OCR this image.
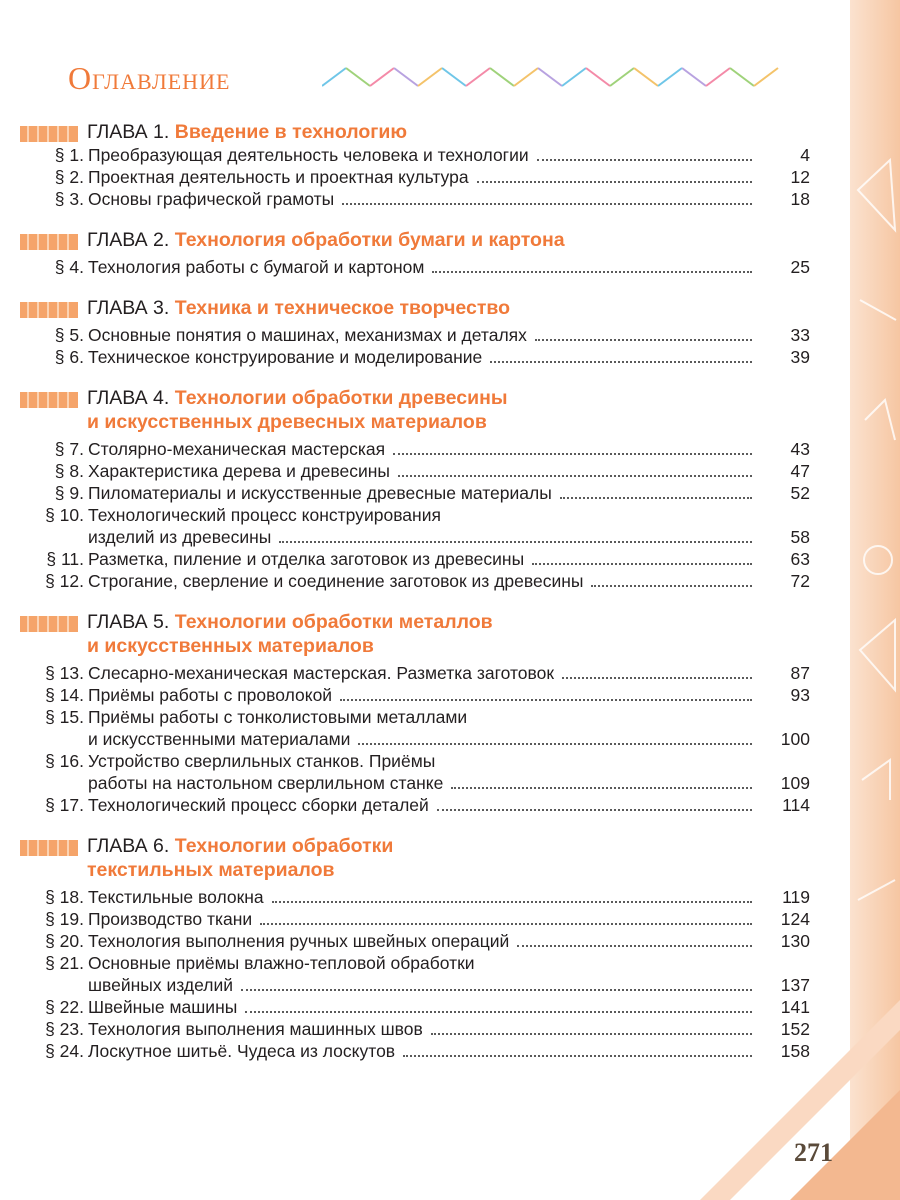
Оглавление
ГЛАВА 1. Введение в технологию
§ 1. Преобразующая деятельность человека и технологии	4
§ 2. Проектная деятельность и проектная культура	12
§ 3. Основы графической грамоты	18
ГЛАВА 2. Технология обработки бумаги и картона
§ 4. Технология работы с бумагой и картоном	25
ГЛАВА 3. Техника и техническое творчество
§ 5. Основные понятия о машинах, механизмах и деталях	33
§ 6. Техническое конструирование и моделирование	39
ГЛАВА 4. Технологии обработки древесины
и искусственных древесных материалов
§ 7. Столярно-механическая мастерская	43
§ 8. Характеристика дерева и древесины	47
§ 9. Пиломатериалы и искусственные древесные материалы	52
§ 10. Технологический процесс конструирования
изделий из древесины	58
§ 11. Разметка, пиление и отделка заготовок из древесины	63
§ 12. Строгание, сверление и соединение заготовок из древесины	72
ГЛАВА 5. Технологии обработки металлов
и искусственных материалов
§ 13. Слесарно-механическая мастерская. Разметка заготовок	87
§ 14. Приёмы работы с проволокой	93
§ 15. Приёмы работы с тонколистовыми металлами
и искусственными материалами	100
§ 16. Устройство сверлильных станков. Приёмы
работы на настольном сверлильном станке	109
§ 17. Технологический процесс сборки деталей	114
ГЛАВА 6. Технологии обработки
текстильных материалов
§ 18. Текстильные волокна	119
§ 19. Производство ткани	124
§ 20. Технология выполнения ручных швейных операций	130
§ 21. Основные приёмы влажно-тепловой обработки
швейных изделий	137
§ 22. Швейные машины	141
§ 23. Технология выполнения машинных швов	152
§ 24. Лоскутное шитьё. Чудеса из лоскутов	158
271
